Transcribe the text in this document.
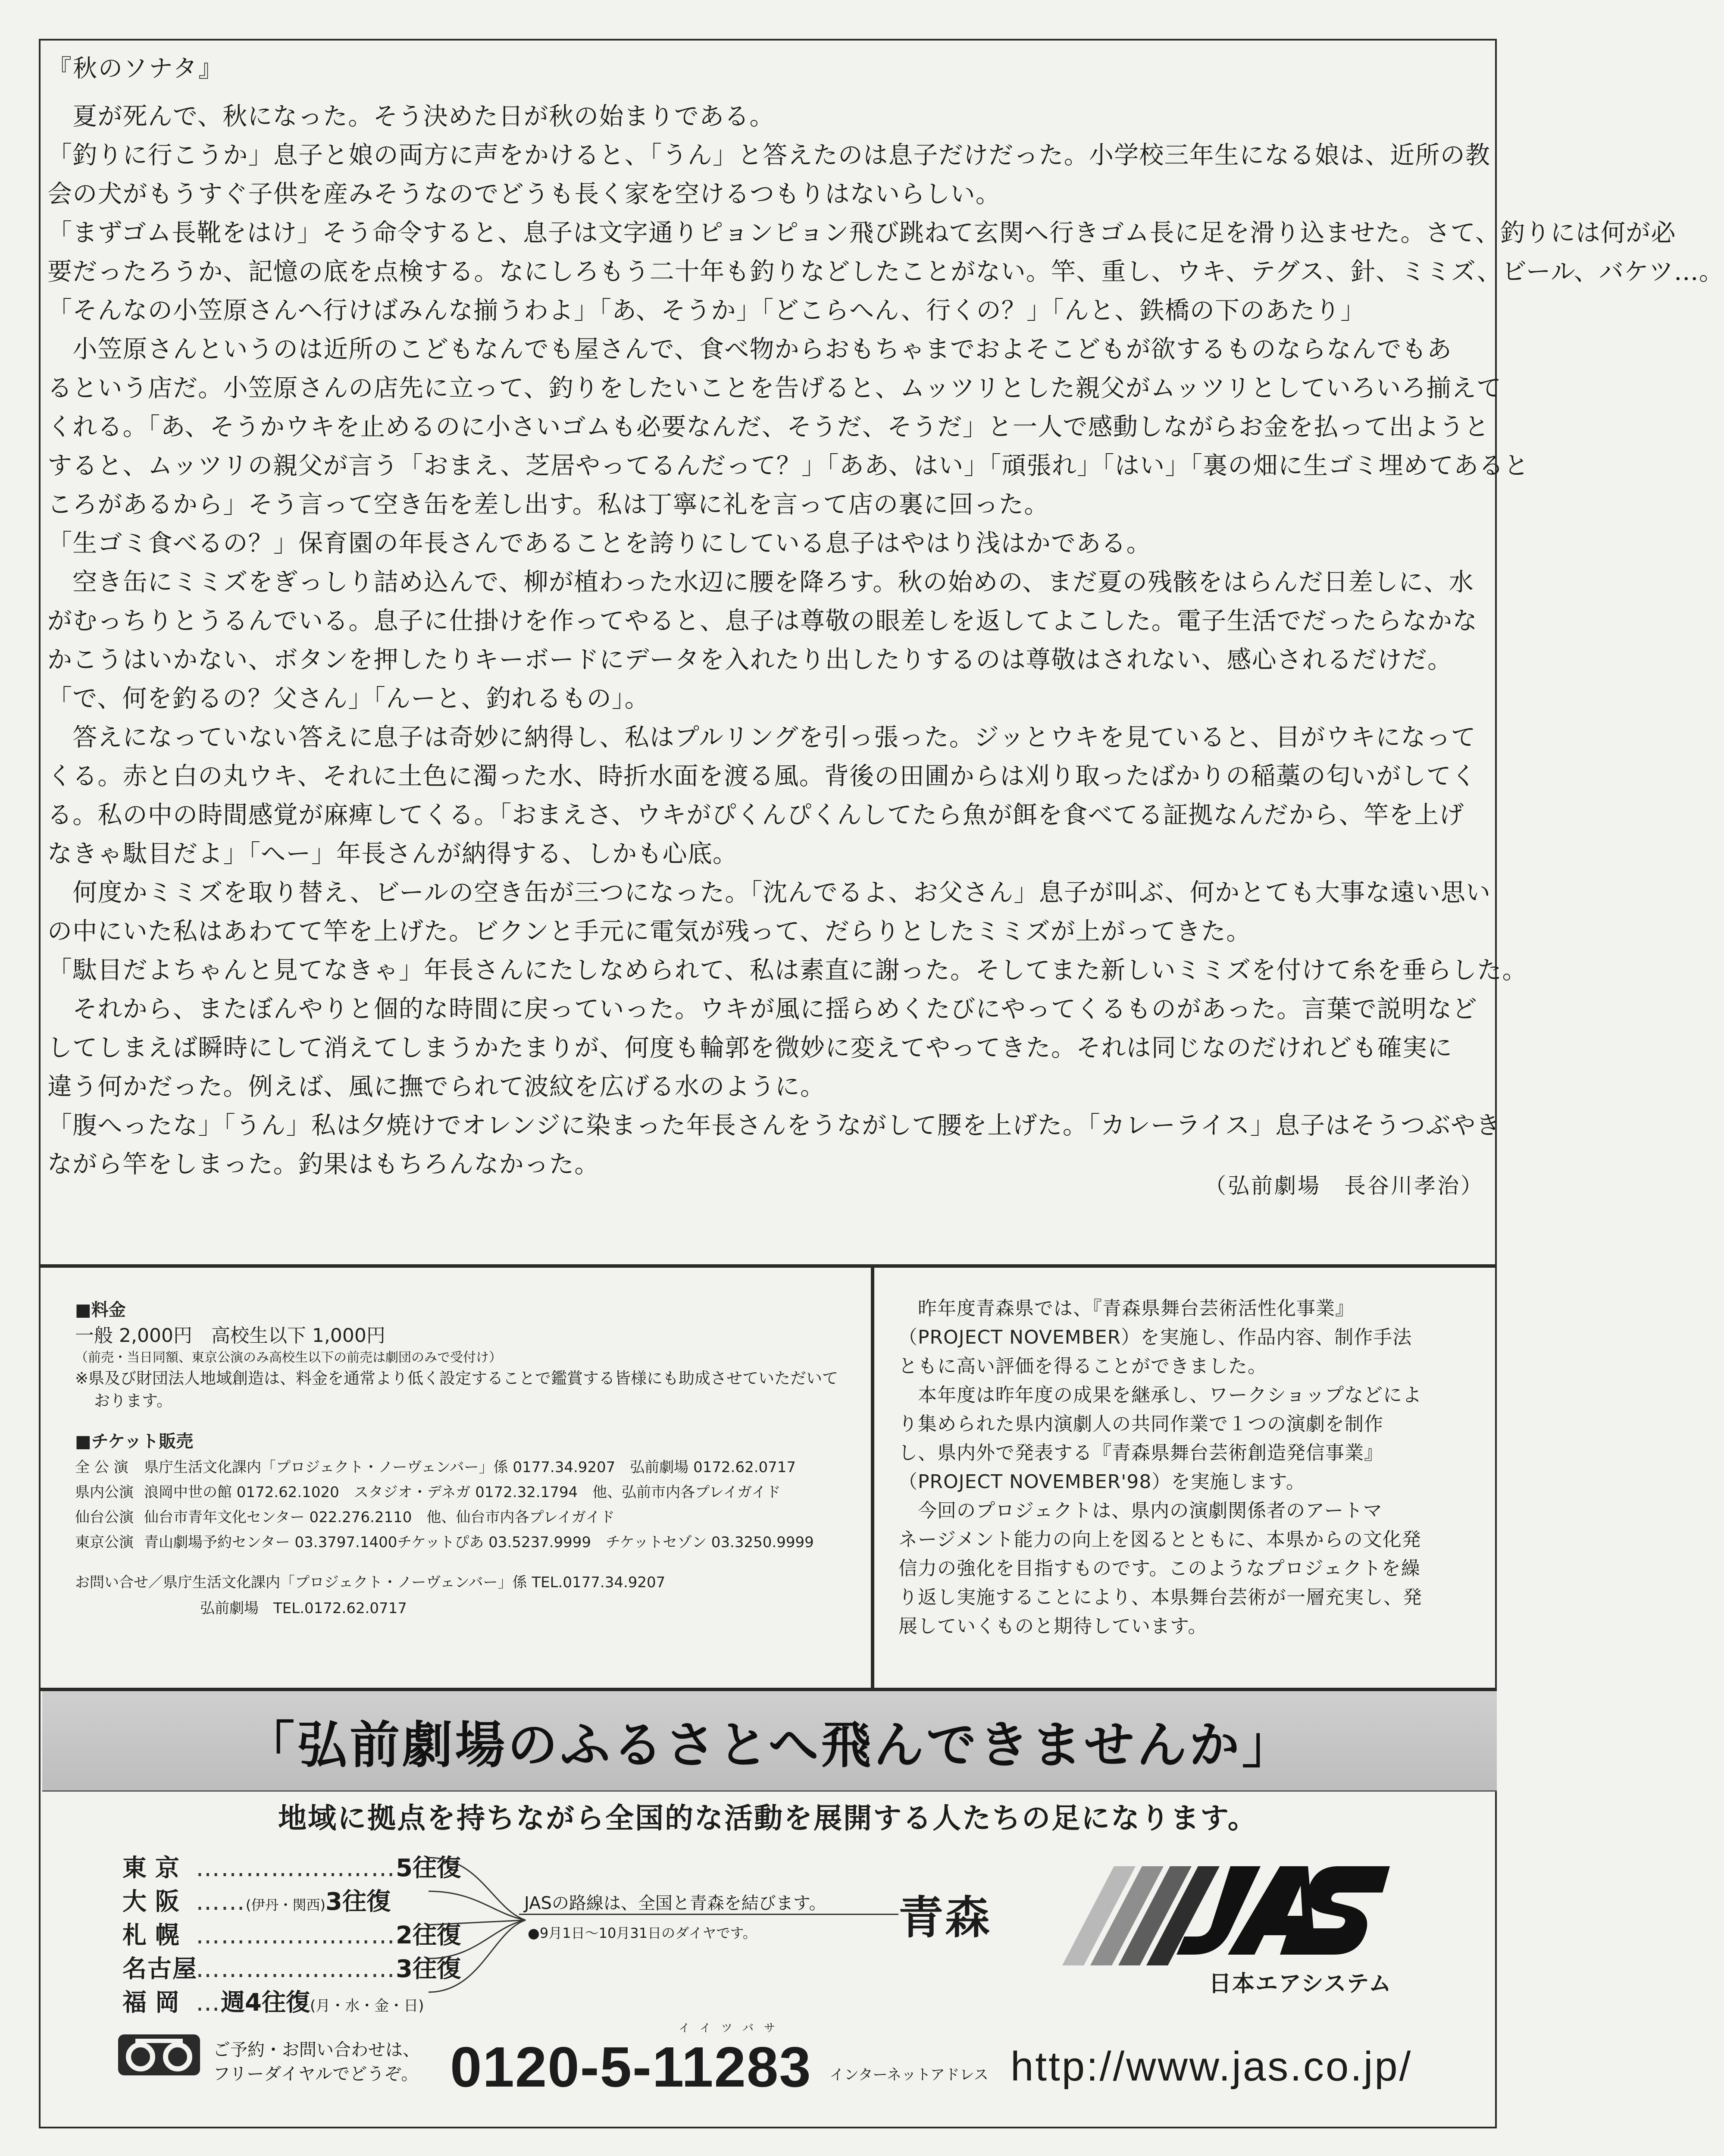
『秋のソナタ』

　夏が死んで、秋になった。そう決めた日が秋の始まりである。

「釣りに行こうか」息子と娘の両方に声をかけると、「うん」と答えたのは息子だけだった。小学校三年生になる娘は、近所の教

会の犬がもうすぐ子供を産みそうなのでどうも長く家を空けるつもりはないらしい。

「まずゴム長靴をはけ」そう命令すると、息子は文字通りピョンピョン飛び跳ねて玄関へ行きゴム長に足を滑り込ませた。さて、釣りには何が必

要だったろうか、記憶の底を点検する。なにしろもう二十年も釣りなどしたことがない。竿、重し、ウキ、テグス、針、ミミズ、ビール、バケツ…。

「そんなの小笠原さんへ行けばみんな揃うわよ」「あ、そうか」「どこらへん、行くの？」「んと、鉄橋の下のあたり」

　小笠原さんというのは近所のこどもなんでも屋さんで、食べ物からおもちゃまでおよそこどもが欲するものならなんでもあ

るという店だ。小笠原さんの店先に立って、釣りをしたいことを告げると、ムッツリとした親父がムッツリとしていろいろ揃えて

くれる。「あ、そうかウキを止めるのに小さいゴムも必要なんだ、そうだ、そうだ」と一人で感動しながらお金を払って出ようと

すると、ムッツリの親父が言う「おまえ、芝居やってるんだって？」「ああ、はい」「頑張れ」「はい」「裏の畑に生ゴミ埋めてあると

ころがあるから」そう言って空き缶を差し出す。私は丁寧に礼を言って店の裏に回った。

「生ゴミ食べるの？」保育園の年長さんであることを誇りにしている息子はやはり浅はかである。

　空き缶にミミズをぎっしり詰め込んで、柳が植わった水辺に腰を降ろす。秋の始めの、まだ夏の残骸をはらんだ日差しに、水

がむっちりとうるんでいる。息子に仕掛けを作ってやると、息子は尊敬の眼差しを返してよこした。電子生活でだったらなかな

かこうはいかない、ボタンを押したりキーボードにデータを入れたり出したりするのは尊敬はされない、感心されるだけだ。

「で、何を釣るの？父さん」「んーと、釣れるもの」。

　答えになっていない答えに息子は奇妙に納得し、私はプルリングを引っ張った。ジッとウキを見ていると、目がウキになって

くる。赤と白の丸ウキ、それに土色に濁った水、時折水面を渡る風。背後の田圃からは刈り取ったばかりの稲藁の匂いがしてく

る。私の中の時間感覚が麻痺してくる。「おまえさ、ウキがぴくんぴくんしてたら魚が餌を食べてる証拠なんだから、竿を上げ

なきゃ駄目だよ」「へー」年長さんが納得する、しかも心底。

　何度かミミズを取り替え、ビールの空き缶が三つになった。「沈んでるよ、お父さん」息子が叫ぶ、何かとても大事な遠い思い

の中にいた私はあわてて竿を上げた。ビクンと手元に電気が残って、だらりとしたミミズが上がってきた。

「駄目だよちゃんと見てなきゃ」年長さんにたしなめられて、私は素直に謝った。そしてまた新しいミミズを付けて糸を垂らした。

　それから、またぼんやりと個的な時間に戻っていった。ウキが風に揺らめくたびにやってくるものがあった。言葉で説明など

してしまえば瞬時にして消えてしまうかたまりが、何度も輪郭を微妙に変えてやってきた。それは同じなのだけれども確実に

違う何かだった。例えば、風に撫でられて波紋を広げる水のように。

「腹へったな」「うん」私は夕焼けでオレンジに染まった年長さんをうながして腰を上げた。「カレーライス」息子はそうつぶやき

ながら竿をしまった。釣果はもちろんなかった。

（弘前劇場　長谷川孝治）
■料金
一般 2,000円　高校生以下 1,000円
（前売・当日同額、東京公演のみ高校生以下の前売は劇団のみで受付け）
※県及び財団法人地域創造は、料金を通常より低く設定することで鑑賞する皆様にも助成させていただいております。
■チケット販売
全 公 演 県庁生活文化課内「プロジェクト・ノーヴェンバー」係 0177.34.9207　弘前劇場 0172.62.0717
県内公演 浪岡中世の館 0172.62.1020　スタジオ・デネガ 0172.32.1794　他、弘前市内各プレイガイド
仙台公演 仙台市青年文化センター 022.276.2110　他、仙台市内各プレイガイド
東京公演 青山劇場予約センター 03.3797.1400チケットぴあ 03.5237.9999　チケットセゾン 03.3250.9999
お問い合せ／県庁生活文化課内「プロジェクト・ノーヴェンバー」係 TEL.0177.34.9207
弘前劇場　TEL.0172.62.0717

　昨年度青森県では、『青森県舞台芸術活性化事業』

（PROJECT NOVEMBER）を実施し、作品内容、制作手法

ともに高い評価を得ることができました。

　本年度は昨年度の成果を継承し、ワークショップなどによ

り集められた県内演劇人の共同作業で１つの演劇を制作

し、県内外で発表する『青森県舞台芸術創造発信事業』

（PROJECT NOVEMBER'98）を実施します。

　今回のプロジェクトは、県内の演劇関係者のアートマ

ネージメント能力の向上を図るとともに、本県からの文化発

信力の強化を目指すものです。このようなプロジェクトを繰

り返し実施することにより、本県舞台芸術が一層充実し、発

展していくものと期待しています。

「弘前劇場のふるさとへ飛んできませんか」
地域に拠点を持ちながら全国的な活動を展開する人たちの足になります。
東京 ……………………5往復
大阪 ……(伊丹・関西)3往復
札幌 ……………………2往復
名古屋……………………3往復
福岡 …週4往復(月・水・金・日)
JASの路線は、全国と青森を結びます。
●9月1日〜10月31日のダイヤです。	青森
日本エアシステム
ご予約・お問い合わせは、
フリーダイヤルでどうぞ。
イイツバサ
0120-5-11283 インターネットアドレス http://www.jas.co.jp/
